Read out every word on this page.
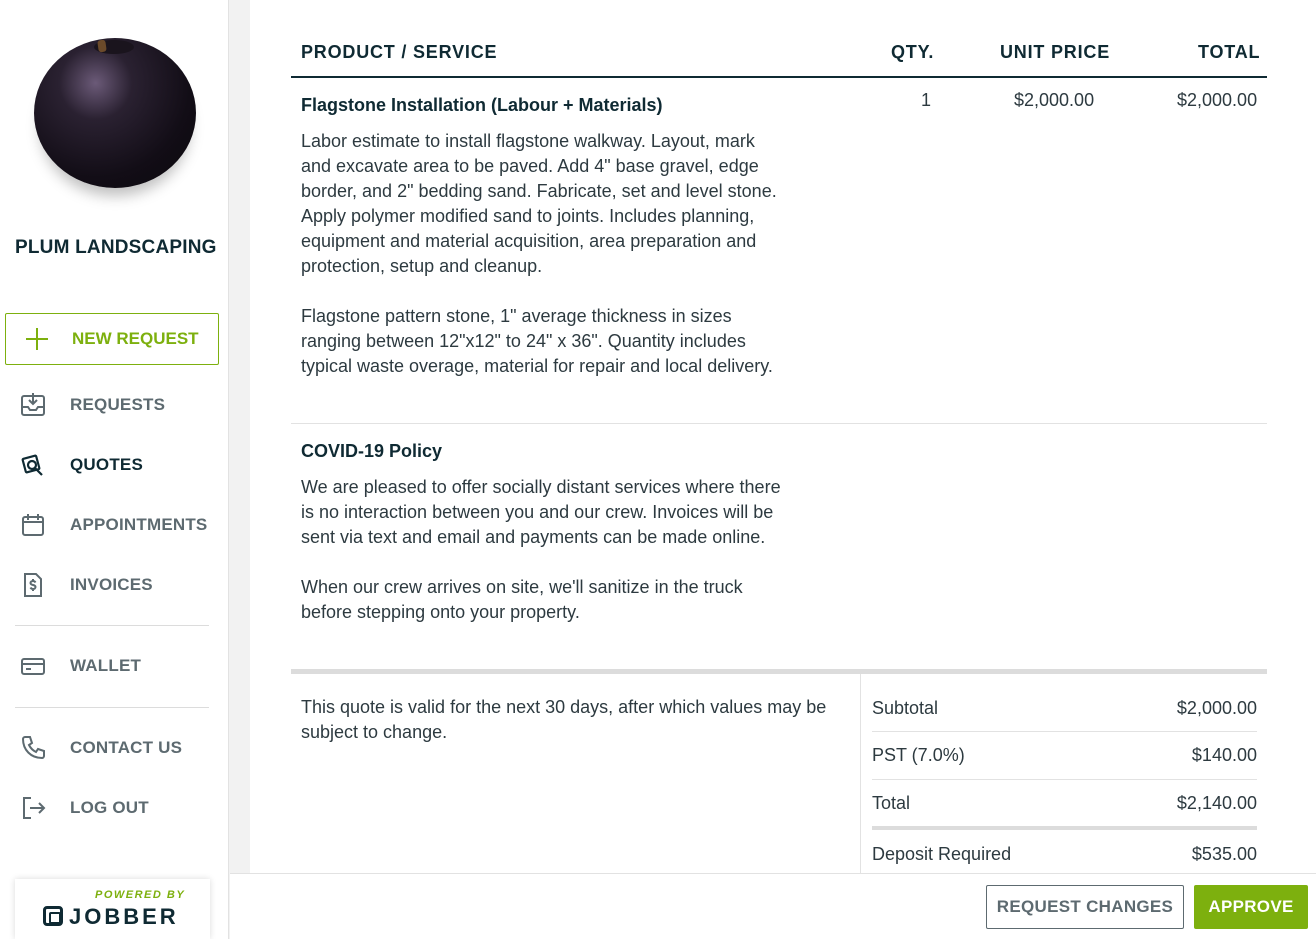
PLUM LANDSCAPING
NEW REQUEST
REQUESTS
QUOTES
APPOINTMENTS
INVOICES
WALLET
CONTACT US
LOG OUT
POWERED BY
JOBBER
PRODUCT / SERVICE	QTY.	UNIT PRICE	TOTAL
Flagstone Installation (Labour + Materials)
Labor estimate to install flagstone walkway. Layout, mark and excavate area to be paved. Add 4" base gravel, edge border, and 2" bedding sand. Fabricate, set and level stone. Apply polymer modified sand to joints. Includes planning, equipment and material acquisition, area preparation and protection, setup and cleanup.

Flagstone pattern stone, 1" average thickness in sizes ranging between 12"x12" to 24" x 36". Quantity includes typical waste overage, material for repair and local delivery.
1	$2,000.00	$2,000.00
COVID-19 Policy
We are pleased to offer socially distant services where there is no interaction between you and our crew. Invoices will be sent via text and email and payments can be made online.

When our crew arrives on site, we'll sanitize in the truck before stepping onto your property.
This quote is valid for the next 30 days, after which values may be subject to change.
Subtotal	$2,000.00
PST (7.0%)	$140.00
Total	$2,140.00
Deposit Required	$535.00
REQUEST CHANGES	APPROVE
